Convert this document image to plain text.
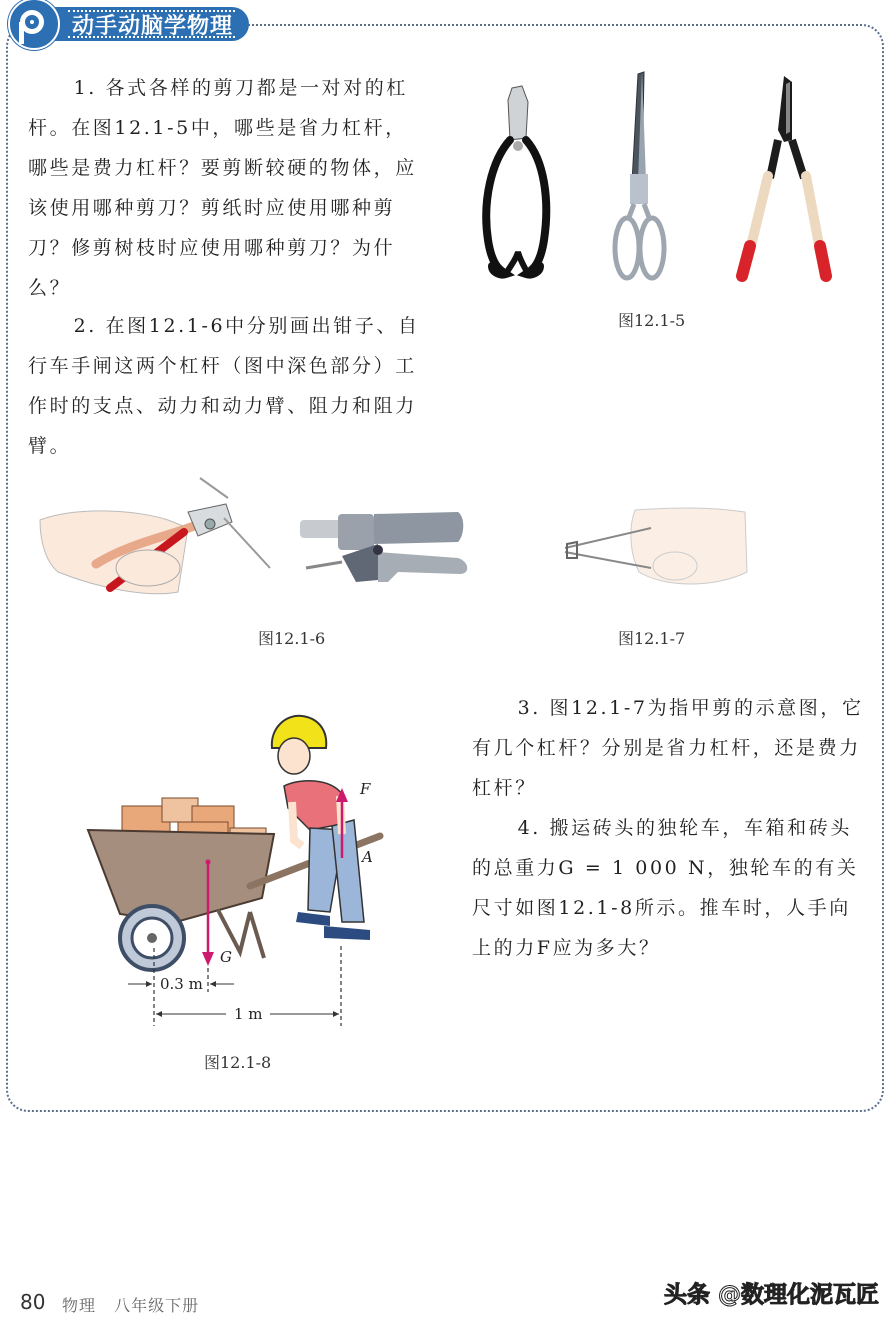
动手动脑学物理

1. 各式各样的剪刀都是一对对的杠杆。在图12.1-5中，哪些是省力杠杆，哪些是费力杠杆？要剪断较硬的物体，应该使用哪种剪刀？剪纸时应使用哪种剪刀？修剪树枝时应使用哪种剪刀？为什么？

2. 在图12.1-6中分别画出钳子、自行车手闸这两个杠杆（图中深色部分）工作时的支点、动力和动力臂、阻力和阻力臂。

图12.1-5
图12.1-6	图12.1-7
F
A
G
0.3 m
1 m
图12.1-8

3. 图12.1-7为指甲剪的示意图，它有几个杠杆？分别是省力杠杆，还是费力杠杆？

4. 搬运砖头的独轮车，车箱和砖头的总重力G = 1 000 N，独轮车的有关尺寸如图12.1-8所示。推车时，人手向上的力F应为多大？

80 物理 八年级下册	头条 @数理化泥瓦匠
